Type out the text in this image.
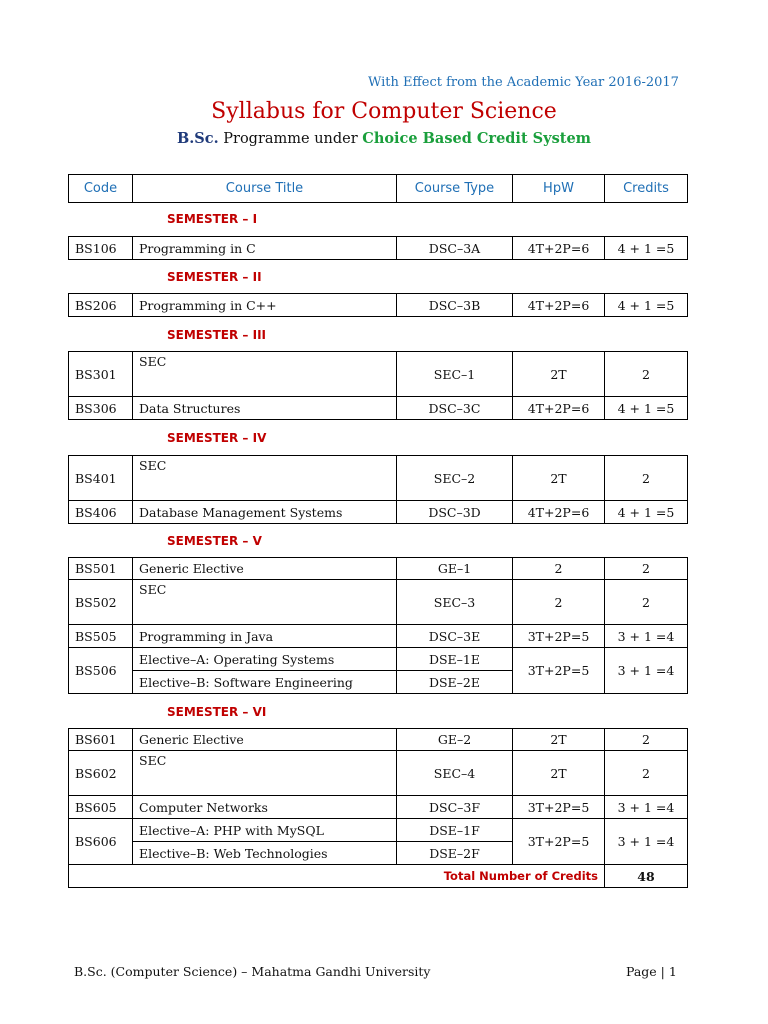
With Effect from the Academic Year 2016-2017
Syllabus for Computer Science
B.Sc. Programme under Choice Based Credit System
Code	Course Title	Course Type	HpW	Credits
SEMESTER – I
BS106	Programming in C	DSC–3A	4T+2P=6	4 + 1 =5
SEMESTER – II
BS206	Programming in C++	DSC–3B	4T+2P=6	4 + 1 =5
SEMESTER – III
BS301	SEC	SEC–1	2T	2
BS306	Data Structures	DSC–3C	4T+2P=6	4 + 1 =5
SEMESTER – IV
BS401	SEC	SEC–2	2T	2
BS406	Database Management Systems	DSC–3D	4T+2P=6	4 + 1 =5
SEMESTER – V
BS501	Generic Elective	GE–1	2	2
BS502	SEC	SEC–3	2	2
BS505	Programming in Java	DSC–3E	3T+2P=5	3 + 1 =4
BS506	Elective–A: Operating Systems	DSE–1E	3T+2P=5	3 + 1 =4
	Elective–B: Software Engineering	DSE–2E		
SEMESTER – VI
BS601	Generic Elective	GE–2	2T	2
BS602	SEC	SEC–4	2T	2
BS605	Computer Networks	DSC–3F	3T+2P=5	3 + 1 =4
BS606	Elective–A: PHP with MySQL	DSE–1F	3T+2P=5	3 + 1 =4
	Elective–B: Web Technologies	DSE–2F		
Total Number of Credits				48
B.Sc. (Computer Science) – Mahatma Gandhi University	Page | 1
